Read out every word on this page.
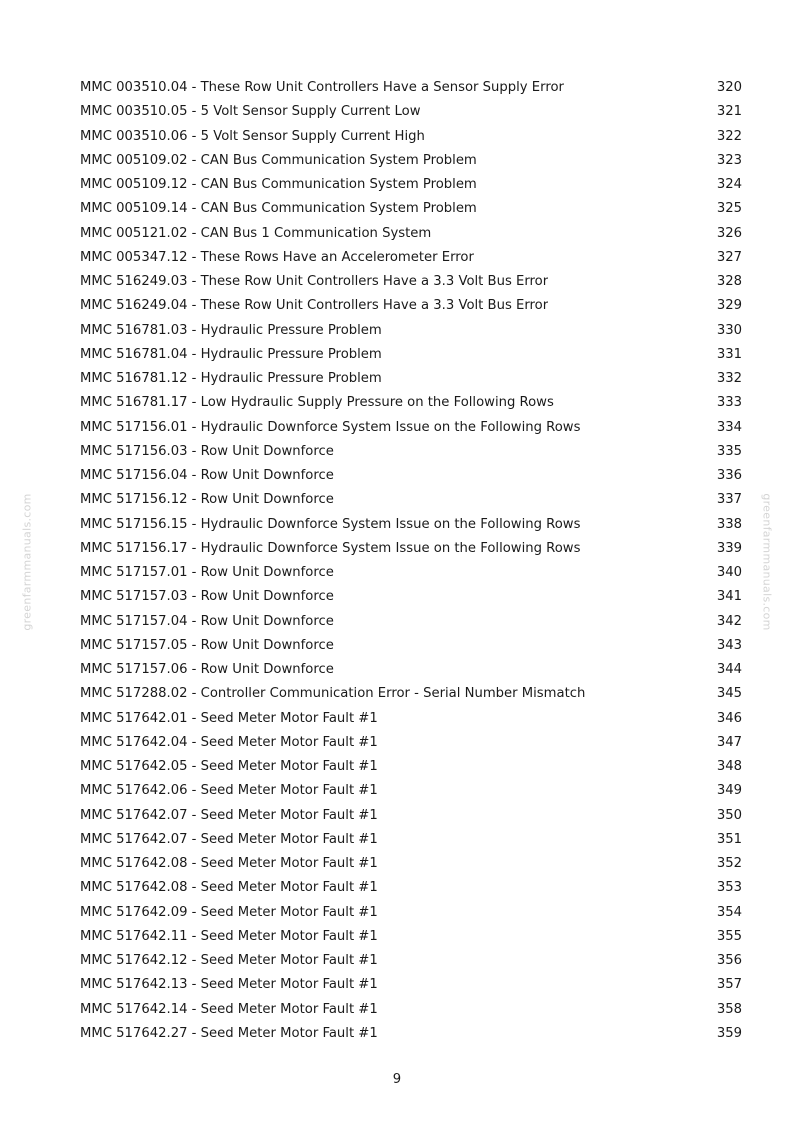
greenfarmmanuals.com	greenfarmmanuals.com
MMC 003510.04 - These Row Unit Controllers Have a Sensor Supply Error	320
MMC 003510.05 - 5 Volt Sensor Supply Current Low	321
MMC 003510.06 - 5 Volt Sensor Supply Current High	322
MMC 005109.02 - CAN Bus Communication System Problem	323
MMC 005109.12 - CAN Bus Communication System Problem	324
MMC 005109.14 - CAN Bus Communication System Problem	325
MMC 005121.02 - CAN Bus 1 Communication System	326
MMC 005347.12 - These Rows Have an Accelerometer Error	327
MMC 516249.03 - These Row Unit Controllers Have a 3.3 Volt Bus Error	328
MMC 516249.04 - These Row Unit Controllers Have a 3.3 Volt Bus Error	329
MMC 516781.03 - Hydraulic Pressure Problem	330
MMC 516781.04 - Hydraulic Pressure Problem	331
MMC 516781.12 - Hydraulic Pressure Problem	332
MMC 516781.17 - Low Hydraulic Supply Pressure on the Following Rows	333
MMC 517156.01 - Hydraulic Downforce System Issue on the Following Rows	334
MMC 517156.03 - Row Unit Downforce	335
MMC 517156.04 - Row Unit Downforce	336
MMC 517156.12 - Row Unit Downforce	337
MMC 517156.15 - Hydraulic Downforce System Issue on the Following Rows	338
MMC 517156.17 - Hydraulic Downforce System Issue on the Following Rows	339
MMC 517157.01 - Row Unit Downforce	340
MMC 517157.03 - Row Unit Downforce	341
MMC 517157.04 - Row Unit Downforce	342
MMC 517157.05 - Row Unit Downforce	343
MMC 517157.06 - Row Unit Downforce	344
MMC 517288.02 - Controller Communication Error - Serial Number Mismatch	345
MMC 517642.01 - Seed Meter Motor Fault #1	346
MMC 517642.04 - Seed Meter Motor Fault #1	347
MMC 517642.05 - Seed Meter Motor Fault #1	348
MMC 517642.06 - Seed Meter Motor Fault #1	349
MMC 517642.07 - Seed Meter Motor Fault #1	350
MMC 517642.07 - Seed Meter Motor Fault #1	351
MMC 517642.08 - Seed Meter Motor Fault #1	352
MMC 517642.08 - Seed Meter Motor Fault #1	353
MMC 517642.09 - Seed Meter Motor Fault #1	354
MMC 517642.11 - Seed Meter Motor Fault #1	355
MMC 517642.12 - Seed Meter Motor Fault #1	356
MMC 517642.13 - Seed Meter Motor Fault #1	357
MMC 517642.14 - Seed Meter Motor Fault #1	358
MMC 517642.27 - Seed Meter Motor Fault #1	359
9
